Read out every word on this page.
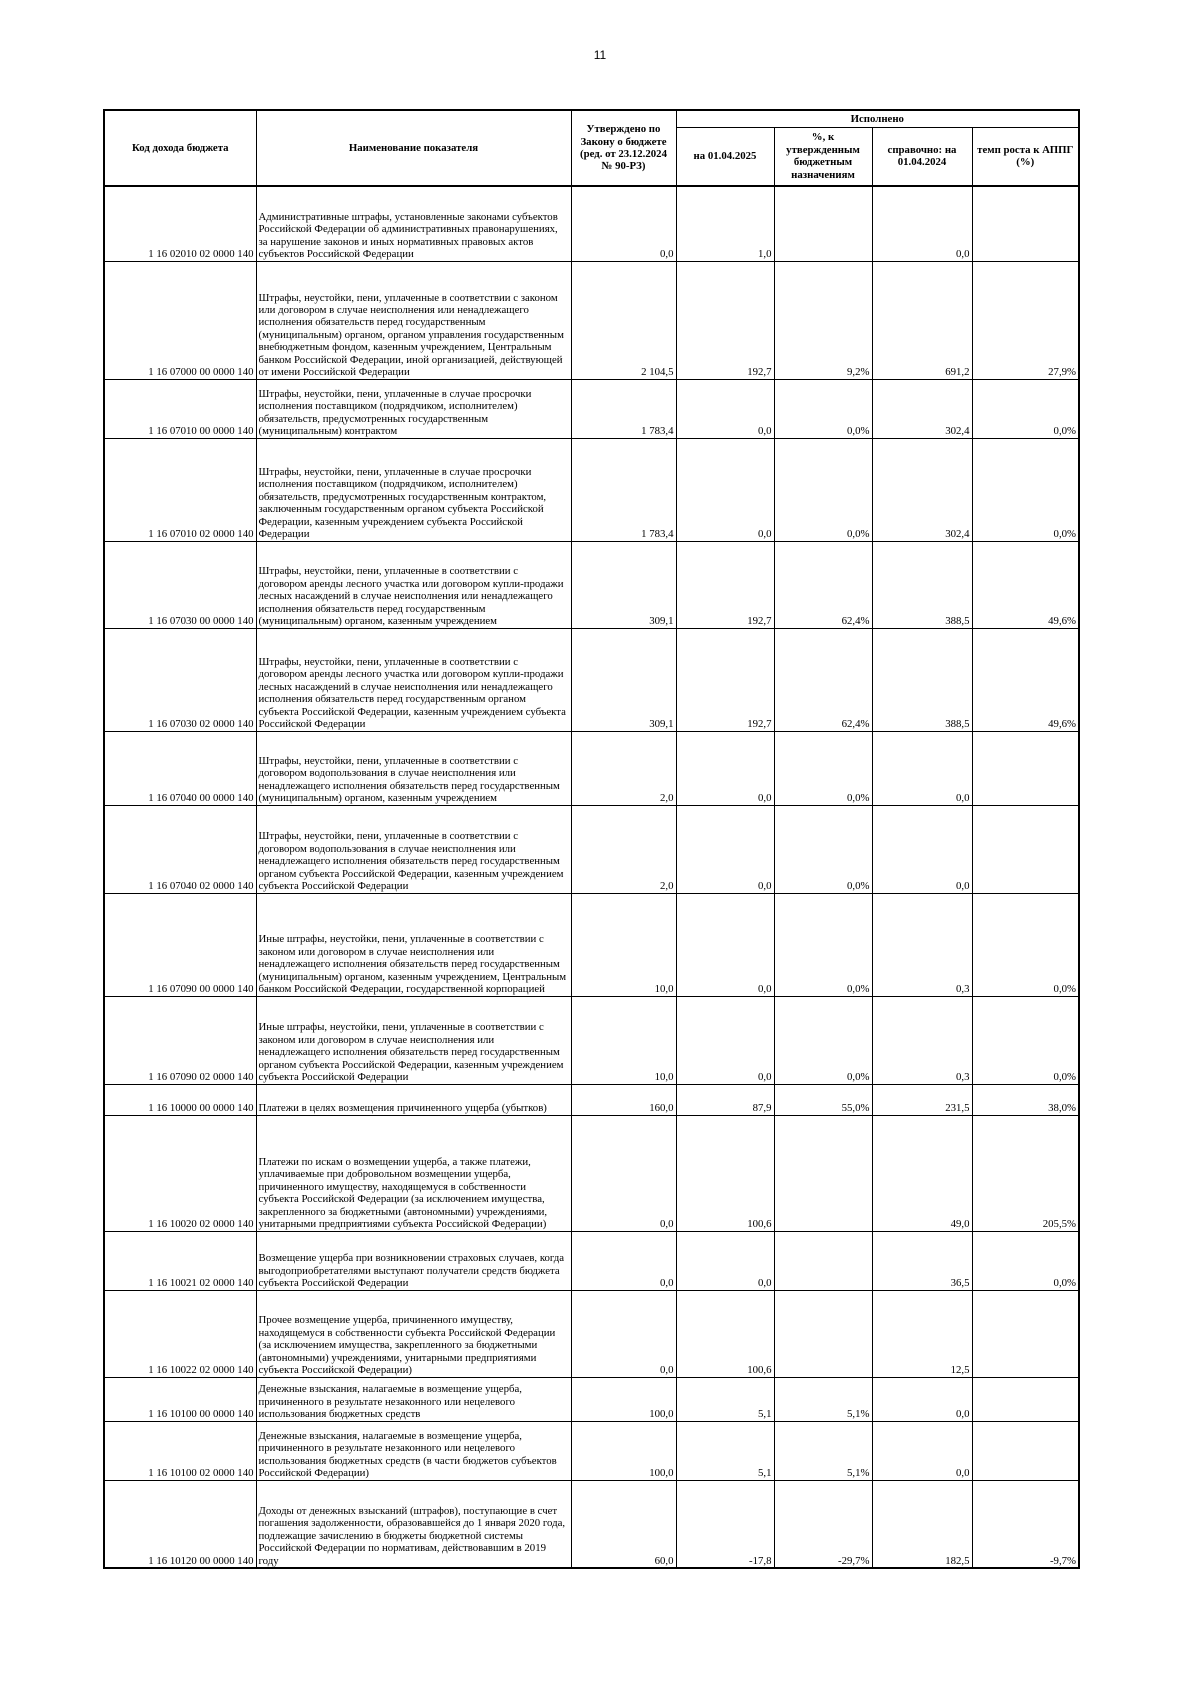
11
Код дохода бюджета	Наименование показателя	Утверждено по Закону о бюджете (ред. от 23.12.2024 № 90-РЗ)	Исполнено			
			на 01.04.2025	%, к утвержденным бюджетным назначениям	справочно: на 01.04.2024	темп роста к АППГ (%)
1 16 02010 02 0000 140	Административные штрафы, установленные законами субъектов Российской Федерации об административных правонарушениях, за нарушение законов и иных нормативных правовых актов субъектов Российской Федерации	0,0	1,0		0,0	
1 16 07000 00 0000 140	Штрафы, неустойки, пени, уплаченные в соответствии с законом или договором в случае неисполнения или ненадлежащего исполнения обязательств перед государственным (муниципальным) органом, органом управления государственным внебюджетным фондом, казенным учреждением, Центральным банком Российской Федерации, иной организацией, действующей от имени Российской Федерации	2 104,5	192,7	9,2%	691,2	27,9%
1 16 07010 00 0000 140	Штрафы, неустойки, пени, уплаченные в случае просрочки исполнения поставщиком (подрядчиком, исполнителем) обязательств, предусмотренных государственным (муниципальным) контрактом	1 783,4	0,0	0,0%	302,4	0,0%
1 16 07010 02 0000 140	Штрафы, неустойки, пени, уплаченные в случае просрочки исполнения поставщиком (подрядчиком, исполнителем) обязательств, предусмотренных государственным контрактом, заключенным государственным органом субъекта Российской Федерации, казенным учреждением субъекта Российской Федерации	1 783,4	0,0	0,0%	302,4	0,0%
1 16 07030 00 0000 140	Штрафы, неустойки, пени, уплаченные в соответствии с договором аренды лесного участка или договором купли-продажи лесных насаждений в случае неисполнения или ненадлежащего исполнения обязательств перед государственным (муниципальным) органом, казенным учреждением	309,1	192,7	62,4%	388,5	49,6%
1 16 07030 02 0000 140	Штрафы, неустойки, пени, уплаченные в соответствии с договором аренды лесного участка или договором купли-продажи лесных насаждений в случае неисполнения или ненадлежащего исполнения обязательств перед государственным органом субъекта Российской Федерации, казенным учреждением субъекта Российской Федерации	309,1	192,7	62,4%	388,5	49,6%
1 16 07040 00 0000 140	Штрафы, неустойки, пени, уплаченные в соответствии с договором водопользования в случае неисполнения или ненадлежащего исполнения обязательств перед государственным (муниципальным) органом, казенным учреждением	2,0	0,0	0,0%	0,0	
1 16 07040 02 0000 140	Штрафы, неустойки, пени, уплаченные в соответствии с договором водопользования в случае неисполнения или ненадлежащего исполнения обязательств перед государственным органом субъекта Российской Федерации, казенным учреждением субъекта Российской Федерации	2,0	0,0	0,0%	0,0	
1 16 07090 00 0000 140	Иные штрафы, неустойки, пени, уплаченные в соответствии с законом или договором в случае неисполнения или ненадлежащего исполнения обязательств перед государственным (муниципальным) органом, казенным учреждением, Центральным банком Российской Федерации, государственной корпорацией	10,0	0,0	0,0%	0,3	0,0%
1 16 07090 02 0000 140	Иные штрафы, неустойки, пени, уплаченные в соответствии с законом или договором в случае неисполнения или ненадлежащего исполнения обязательств перед государственным органом субъекта Российской Федерации, казенным учреждением субъекта Российской Федерации	10,0	0,0	0,0%	0,3	0,0%
1 16 10000 00 0000 140	Платежи в целях возмещения причиненного ущерба (убытков)	160,0	87,9	55,0%	231,5	38,0%
1 16 10020 02 0000 140	Платежи по искам о возмещении ущерба, а также платежи, уплачиваемые при добровольном возмещении ущерба, причиненного имуществу, находящемуся в собственности субъекта Российской Федерации (за исключением имущества, закрепленного за бюджетными (автономными) учреждениями, унитарными предприятиями субъекта Российской Федерации)	0,0	100,6		49,0	205,5%
1 16 10021 02 0000 140	Возмещение ущерба при возникновении страховых случаев, когда выгодоприобретателями выступают получатели средств бюджета субъекта Российской Федерации	0,0	0,0		36,5	0,0%
1 16 10022 02 0000 140	Прочее возмещение ущерба, причиненного имуществу, находящемуся в собственности субъекта Российской Федерации (за исключением имущества, закрепленного за бюджетными (автономными) учреждениями, унитарными предприятиями субъекта Российской Федерации)	0,0	100,6		12,5	
1 16 10100 00 0000 140	Денежные взыскания, налагаемые в возмещение ущерба, причиненного в результате незаконного или нецелевого использования бюджетных средств	100,0	5,1	5,1%	0,0	
1 16 10100 02 0000 140	Денежные взыскания, налагаемые в возмещение ущерба, причиненного в результате незаконного или нецелевого использования бюджетных средств (в части бюджетов субъектов Российской Федерации)	100,0	5,1	5,1%	0,0	
1 16 10120 00 0000 140	Доходы от денежных взысканий (штрафов), поступающие в счет погашения задолженности, образовавшейся до 1 января 2020 года, подлежащие зачислению в бюджеты бюджетной системы Российской Федерации по нормативам, действовавшим в 2019 году	60,0	-17,8	-29,7%	182,5	-9,7%
